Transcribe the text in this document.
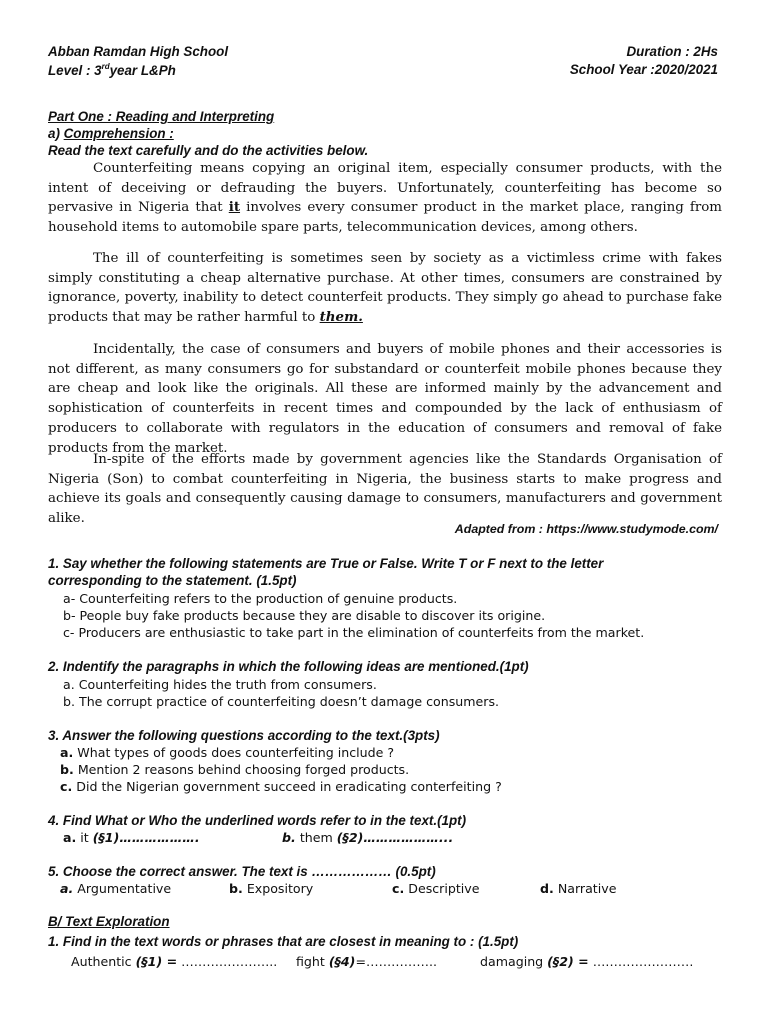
Abban Ramdan High School	Duration : 2Hs
Level : 3rdyear L&Ph	School Year :2020/2021
Part One : Reading and Interpreting
a) Comprehension :
Read the text carefully and do the activities below.
Counterfeiting means copying an original item, especially consumer products, with the intent of deceiving or defrauding the buyers. Unfortunately, counterfeiting has become so pervasive in Nigeria that it involves every consumer product in the market place, ranging from household items to automobile spare parts, telecommunication devices, among others.
The ill of counterfeiting is sometimes seen by society as a victimless crime with fakes simply constituting a cheap alternative purchase. At other times, consumers are constrained by ignorance, poverty, inability to detect counterfeit products. They simply go ahead to purchase fake products that may be rather harmful to them.
Incidentally, the case of consumers and buyers of mobile phones and their accessories is not different, as many consumers go for substandard or counterfeit mobile phones because they are cheap and look like the originals. All these are informed mainly by the advancement and sophistication of counterfeits in recent times and compounded by the lack of enthusiasm of producers to collaborate with regulators in the education of consumers and removal of fake products from the market.
In-spite of the efforts made by government agencies like the Standards Organisation of Nigeria (Son) to combat counterfeiting in Nigeria, the business starts to make progress and achieve its goals and consequently causing damage to consumers, manufacturers and government alike.
Adapted from : https://www.studymode.com/
1. Say whether the following statements are True or False. Write T or F next to the letter
corresponding to the statement. (1.5pt)
a- Counterfeiting refers to the production of genuine products.
b- People buy fake products because they are disable to discover its origine.
c- Producers are enthusiastic to take part in the elimination of counterfeits from the market.
2. Indentify the paragraphs in which the following ideas are mentioned.(1pt)
a. Counterfeiting hides the truth from consumers.
b. The corrupt practice of counterfeiting doesn’t damage consumers.
3. Answer the following questions according to the text.(3pts)
a. What types of goods does counterfeiting include ?
b. Mention 2 reasons behind choosing forged products.
c. Did the Nigerian government succeed in eradicating conterfeiting ?
4. Find What or Who the underlined words refer to in the text.(1pt)
a. it (§1)……………….	b. them (§2)………………...
5. Choose the correct answer. The text is ……………… (0.5pt)
a. Argumentative	b. Expository	c. Descriptive	d. Narrative
B/ Text Exploration
1. Find in the text words or phrases that are closest in meaning to : (1.5pt)
Authentic (§1) = ………………….. fight (§4)=……………..	damaging (§2) = ……………………
